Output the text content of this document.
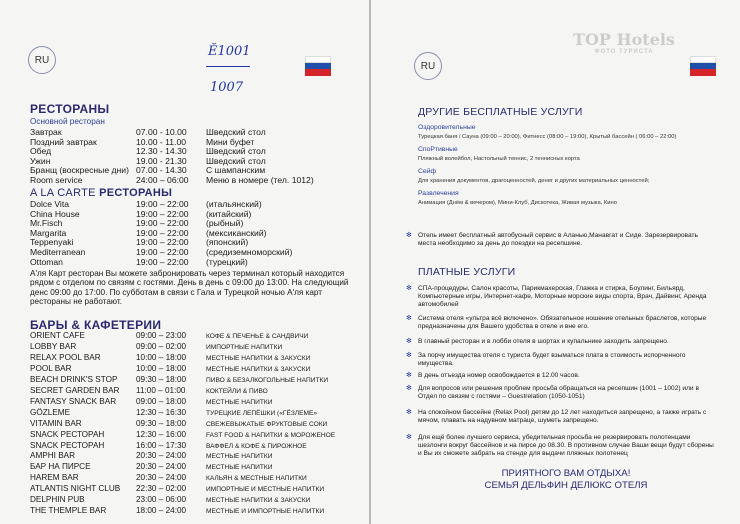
RU
Ĕ1001
1007
РЕСТОРАНЫ
Основной ресторан
Завтрак	07.00 - 10.00 Шведский стол
Поздний завтрак	10.00 - 11.00 Мини буфет
Обед	12.30 - 14.30 Шведский стол
Ужин	19.00 - 21.30 Шведский стол
Бранщ (воскресные дни) 07.00 - 14.30 С шампанским
Room service	24:00 – 06:00 Меню в номере (тел. 1012)
A LA CARTE РЕСТОРАНЫ
Dolce Vita	19:00 – 22:00 (итальянский)
China House	19:00 – 22:00 (китайский)
Mr.Fisch	19:00 – 22:00 (рыбный)
Margarita	19:00 – 22:00 (мексиканский)
Teppenyaki	19:00 – 22:00 (японский)
Mediterranean	19:00 – 22:00 (средиземноморский)
Ottoman	19:00 – 22:00 (турецкий)
А'ля Карт ресторан Вы можете забронировать через терминал который находится рядом с отделом по связям с гостями. День в день с 09:00 до 13:00. На следующий денс 09:00 до 17:00. По субботам в связи с Гала и Турецкой ночью А'ля карт рестораны не работают.
БАРЫ & КАФЕТЕРИИ
ORIENT CAFE	09:00 – 23:00	КОФЕ & ПЕЧЕНЬЕ & САНДВИЧИ
LOBBY BAR	09:00 – 02:00	ИМПОРТНЫЕ НАПИТКИ
RELAX POOL BAR	10:00 – 18:00	МЕСТНЫЕ НАПИТКИ & ЗАКУСКИ
POOL BAR	10:00 – 18:00	МЕСТНЫЕ НАПИТКИ & ЗАКУСКИ
BEACH DRINK'S STOP 09:30 – 18:00	ПИВО & БЕЗАЛКОГОЛЬНЫЕ НАПИТКИ
SECRET GARDEN BAR 11:00 – 01:00	КОКТЕЙЛИ & ПИВО
FANTASY SNACK BAR 09:00 – 18:00	МЕСТНЫЕ НАПИТКИ
GÖZLEME	12:30 – 16:30	ТУРЕЦКИЕ ЛЕПЁШКИ («ГЁЗЛЕМЕ»
VITAMIN BAR	09:30 – 18:00	СВЕЖЕВЫЖАТЫЕ ФРУКТОВЫЕ СОКИ
SNACK РЕСТОРАН	12:30 – 16:00	FAST FOOD & НАПИТКИ & МОРОЖЕНОЕ
SNACK РЕСТОРАН	16:00 – 17:30	ВАФФЕЛ & КОФЕ & ПИРОЖНОЕ
AMPHI BAR	20:30 – 24:00	МЕСТНЫЕ НАПИТКИ
БАР НА ПИРСЕ	20:30 – 24:00	МЕСТНЫЕ НАПИТКИ
HAREM BAR	20:30 – 24:00	КАЛЬЯН & МЕСТНЫЕ НАПИТКИ
ATLANTIS NIGHT CLUB 22:30 – 02:00	ИМПОРТНЫЕ И МЕСТНЫЕ НАПИТКИ
DELPHIN PUB	23:00 – 06:00	МЕСТНЫЕ НАПИТКИ & ЗАКУСКИ
THE THEMPLE BAR	18:00 – 24:00	МЕСТНЫЕ И ИМПОРТНЫЕ НАПИТКИ
RU
TOP Hotels
ФОТО ТУРИСТА
ДРУГИЕ БЕСПЛАТНЫЕ УСЛУГИ
Оздоровительные
Турецкая баня / Сауна (09:00 – 20:00), Фитнесс (08:00 – 19:00), Крытый бассейн ( 06:00 – 22:00)
СпоРтивные
Пляжный волейбол, Настольный теннис, 2 теннисных корта
Сейф
Для хранения документов, драгоценностей, денег и других материальных ценностей;
Развлечения
Анимация (Днём & вечером), Мини-Клуб, Дискотека, Живая музыка, Кино
✻ Отель имеет бесплатный автобусный сервис в Аланью,Манавгат и Сиде. Зарезервировать места необходимо за день до поездки на ресепшине.
ПЛАТНЫЕ УСЛУГИ
✻ СПА-процедуры, Салон красоты, Парикмахерская, Глажка и стирка, Боулинг, Бильярд, Компьютерные игры, Интернет-кафе, Моторные морские виды спорта, Врач, Дайвинг, Аренда автомобилей
✻ Система отеля «ультра всё включено». Обязательное ношение отельных браслетов, которые предназначены для Вашего удобства в отеле и вне его.
✻ В главный ресторан и в лобби отеля в шортах и купальнике заходить запрещено.
✻ За порчу имущества отеля с туриста будет взыматься плата в стоимость испорченного имущества.
✻ В день отъезда номер освобождается в 12.00 часов.
✻ Для вопросов или решения проблем просьба обращаться на ресепшин (1001 – 1002) или в Отдел по связям с гостями – Guestrelation (1050-1051)
✻ На спокойном бассейне (Relax Pool) детям до 12 лет находиться запрещено, а также играть с мячом, плавать на надувном матраце, шуметь запрещено.
✻ Для ещё более лучшего сервиса, убедительная просьба не резервировать полотенцами шезлонги вокруг бассейнов и на пирсе до 08.30. В противном случае Ваши вещи будут сборены и Вы их сможете забрать на стенде для выдачи пляжных полотенец
ПРИЯТНОГО ВАМ ОТДЫХА!
СЕМЬЯ ДЕЛЬФИН ДЕЛЮКС ОТЕЛЯ
